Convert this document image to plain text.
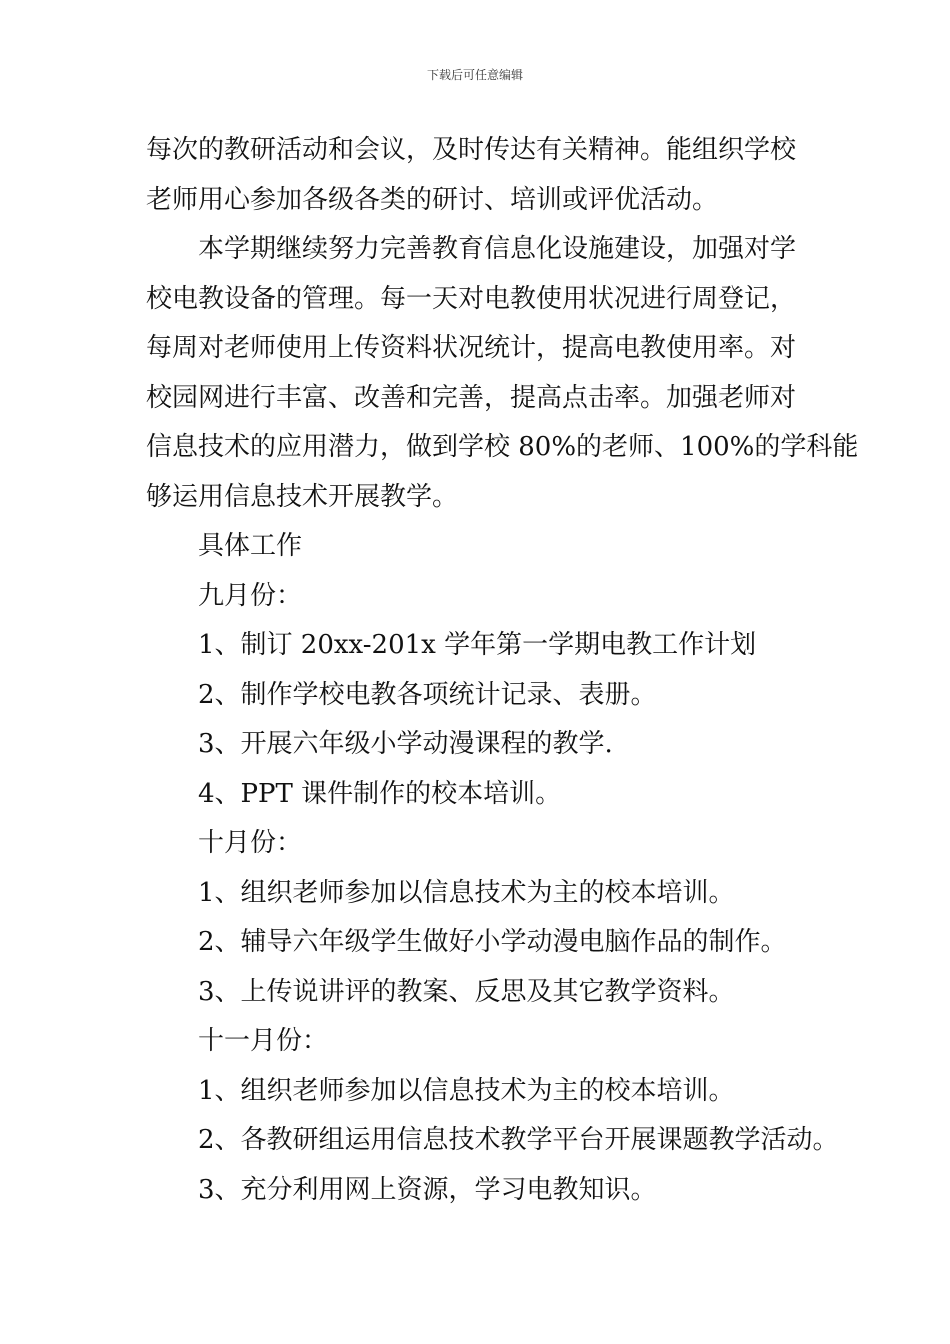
下载后可任意编辑
每次的教研活动和会议，及时传达有关精神。能组织学校
老师用心参加各级各类的研讨、培训或评优活动。
本学期继续努力完善教育信息化设施建设，加强对学
校电教设备的管理。每一天对电教使用状况进行周登记，
每周对老师使用上传资料状况统计，提高电教使用率。对
校园网进行丰富、改善和完善，提高点击率。加强老师对
信息技术的应用潜力，做到学校 80%的老师、100%的学科能
够运用信息技术开展教学。
具体工作
九月份：
1、制订 20xx-201x 学年第一学期电教工作计划
2、制作学校电教各项统计记录、表册。
3、开展六年级小学动漫课程的教学.
4、PPT 课件制作的校本培训。
十月份：
1、组织老师参加以信息技术为主的校本培训。
2、辅导六年级学生做好小学动漫电脑作品的制作。
3、上传说讲评的教案、反思及其它教学资料。
十一月份：
1、组织老师参加以信息技术为主的校本培训。
2、各教研组运用信息技术教学平台开展课题教学活动。
3、充分利用网上资源，学习电教知识。
